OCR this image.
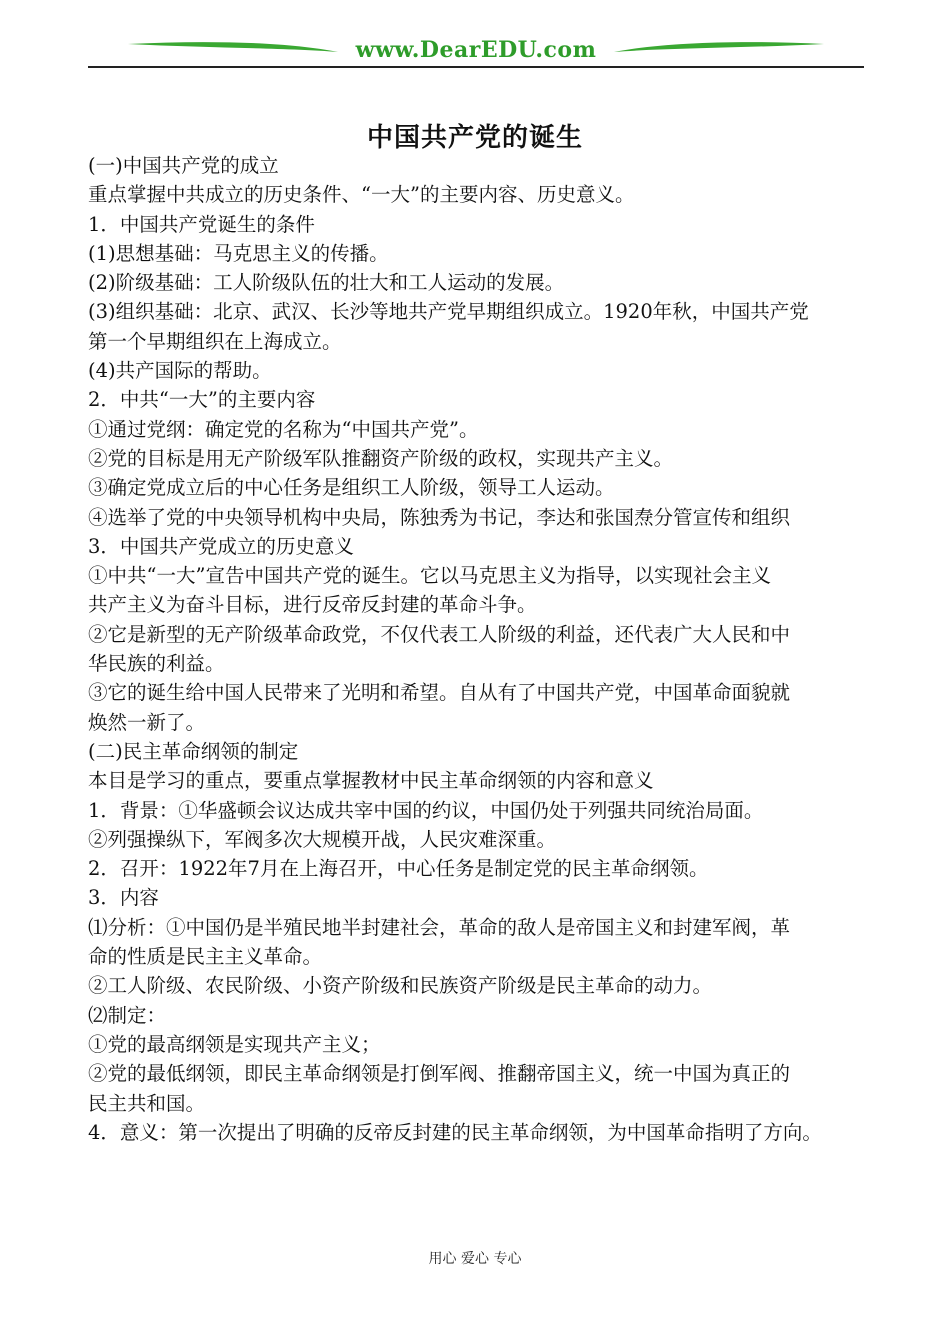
www.DearEDU.com
中国共产党的诞生
(一)中国共产党的成立
重点掌握中共成立的历史条件、“一大”的主要内容、历史意义。
1．中国共产党诞生的条件
(1)思想基础：马克思主义的传播。
(2)阶级基础：工人阶级队伍的壮大和工人运动的发展。
(3)组织基础：北京、武汉、长沙等地共产党早期组织成立。1920年秋，中国共产党
第一个早期组织在上海成立。
(4)共产国际的帮助。
2．中共“一大”的主要内容
①通过党纲：确定党的名称为“中国共产党”。
②党的目标是用无产阶级军队推翻资产阶级的政权，实现共产主义。
③确定党成立后的中心任务是组织工人阶级，领导工人运动。
④选举了党的中央领导机构中央局，陈独秀为书记，李达和张国焘分管宣传和组织
3．中国共产党成立的历史意义
①中共“一大”宣告中国共产党的诞生。它以马克思主义为指导，以实现社会主义
共产主义为奋斗目标，进行反帝反封建的革命斗争。
②它是新型的无产阶级革命政党，不仅代表工人阶级的利益，还代表广大人民和中
华民族的利益。
③它的诞生给中国人民带来了光明和希望。自从有了中国共产党，中国革命面貌就
焕然一新了。
(二)民主革命纲领的制定
本目是学习的重点，要重点掌握教材中民主革命纲领的内容和意义
1．背景：①华盛顿会议达成共宰中国的约议，中国仍处于列强共同统治局面。
②列强操纵下，军阀多次大规模开战，人民灾难深重。
2．召开：1922年7月在上海召开，中心任务是制定党的民主革命纲领。
3．内容
⑴分析：①中国仍是半殖民地半封建社会，革命的敌人是帝国主义和封建军阀，革
命的性质是民主主义革命。
②工人阶级、农民阶级、小资产阶级和民族资产阶级是民主革命的动力。
⑵制定：
①党的最高纲领是实现共产主义；
②党的最低纲领，即民主革命纲领是打倒军阀、推翻帝国主义，统一中国为真正的
民主共和国。
4．意义：第一次提出了明确的反帝反封建的民主革命纲领，为中国革命指明了方向。
用心 爱心 专心
